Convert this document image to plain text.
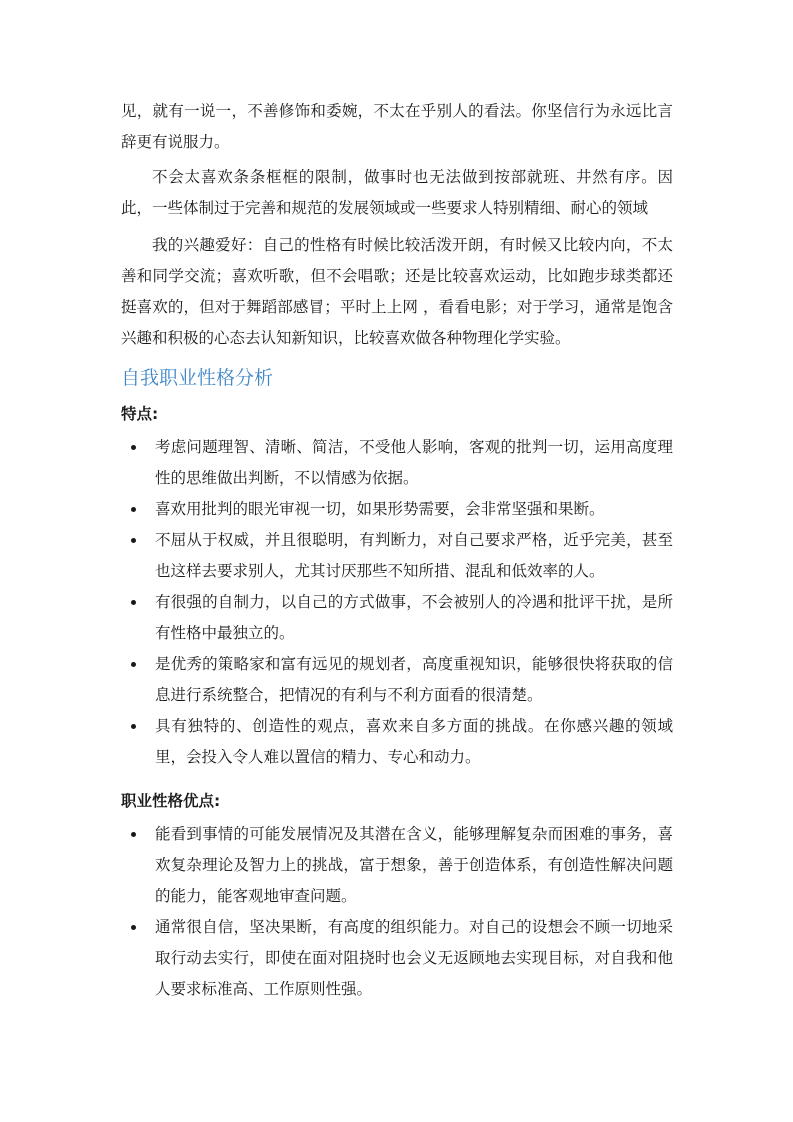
见，就有一说一，不善修饰和委婉，不太在乎别人的看法。你坚信行为永远比言辞更有说服力。

不会太喜欢条条框框的限制，做事时也无法做到按部就班、井然有序。因此，一些体制过于完善和规范的发展领域或一些要求人特别精细、耐心的领域

我的兴趣爱好：自己的性格有时候比较活泼开朗，有时候又比较内向，不太善和同学交流；喜欢听歌，但不会唱歌；还是比较喜欢运动，比如跑步球类都还挺喜欢的，但对于舞蹈部感冒；平时上上网 ，看看电影；对于学习，通常是饱含兴趣和积极的心态去认知新知识，比较喜欢做各种物理化学实验。

自我职业性格分析

特点:

考虑问题理智、清晰、简洁，不受他人影响，客观的批判一切，运用高度理性的思维做出判断，不以情感为依据。
喜欢用批判的眼光审视一切，如果形势需要，会非常坚强和果断。
不屈从于权威，并且很聪明，有判断力，对自己要求严格，近乎完美，甚至也这样去要求别人，尤其讨厌那些不知所措、混乱和低效率的人。
有很强的自制力，以自己的方式做事，不会被别人的冷遇和批评干扰，是所有性格中最独立的。
是优秀的策略家和富有远见的规划者，高度重视知识，能够很快将获取的信息进行系统整合，把情况的有利与不利方面看的很清楚。
具有独特的、创造性的观点，喜欢来自多方面的挑战。在你感兴趣的领域里，会投入令人难以置信的精力、专心和动力。

职业性格优点:

能看到事情的可能发展情况及其潜在含义，能够理解复杂而困难的事务，喜欢复杂理论及智力上的挑战，富于想象，善于创造体系，有创造性解决问题的能力，能客观地审查问题。
通常很自信，坚决果断，有高度的组织能力。对自己的设想会不顾一切地采取行动去实行，即使在面对阻挠时也会义无返顾地去实现目标，对自我和他人要求标准高、工作原则性强。
